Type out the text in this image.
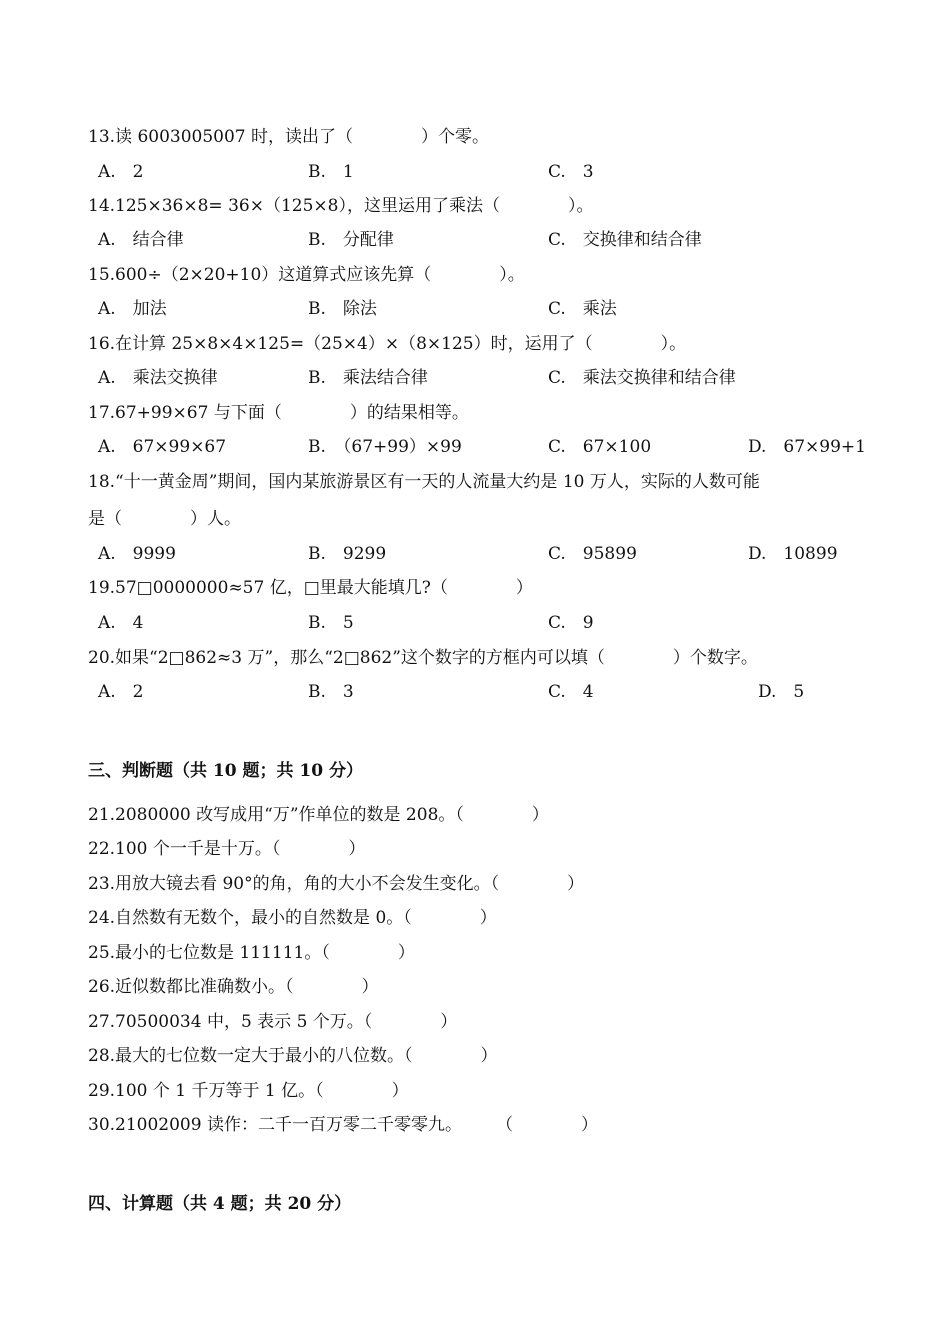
13.读 6003005007 时，读出了（　　　　）个零。
A.　2	B.　1	C.　3
14.125×36×8= 36×（125×8），这里运用了乘法（　　　　）。
A.　结合律	B.　分配律	C.　交换律和结合律
15.600÷（2×20+10）这道算式应该先算（　　　　）。
A.　加法	B.　除法	C.　乘法
16.在计算 25×8×4×125=（25×4）×（8×125）时，运用了（　　　　）。
A.　乘法交换律	B.　乘法结合律	C.　乘法交换律和结合律
17.67+99×67 与下面（　　　　）的结果相等。
A.　67×99×67	B.　（67+99）×99	C.　67×100	D.　67×99+1
18.“十一黄金周”期间，国内某旅游景区有一天的人流量大约是 10 万人，实际的人数可能
是（　　　　）人。
A.　9999	B.　9299	C.　95899	D.　10899
19.57□0000000≈57 亿，□里最大能填几?（　　　　）
A.　4	B.　5	C.　9
20.如果“2□862≈3 万”，那么“2□862”这个数字的方框内可以填（　　　　）个数字。
A.　2	B.　3	C.　4	D.　5
三、判断题（共 10 题；共 10 分）
21.2080000 改写成用“万”作单位的数是 208。（　　　　）
22.100 个一千是十万。（　　　　）
23.用放大镜去看 90°的角，角的大小不会发生变化。（　　　　）
24.自然数有无数个，最小的自然数是 0。（　　　　）
25.最小的七位数是 111111。（　　　　）
26.近似数都比准确数小。（　　　　）
27.70500034 中，5 表示 5 个万。（　　　　）
28.最大的七位数一定大于最小的八位数。（　　　　）
29.100 个 1 千万等于 1 亿。（　　　　）
30.21002009 读作：二千一百万零二千零零九。　　　（　　　　）
四、计算题（共 4 题；共 20 分）
